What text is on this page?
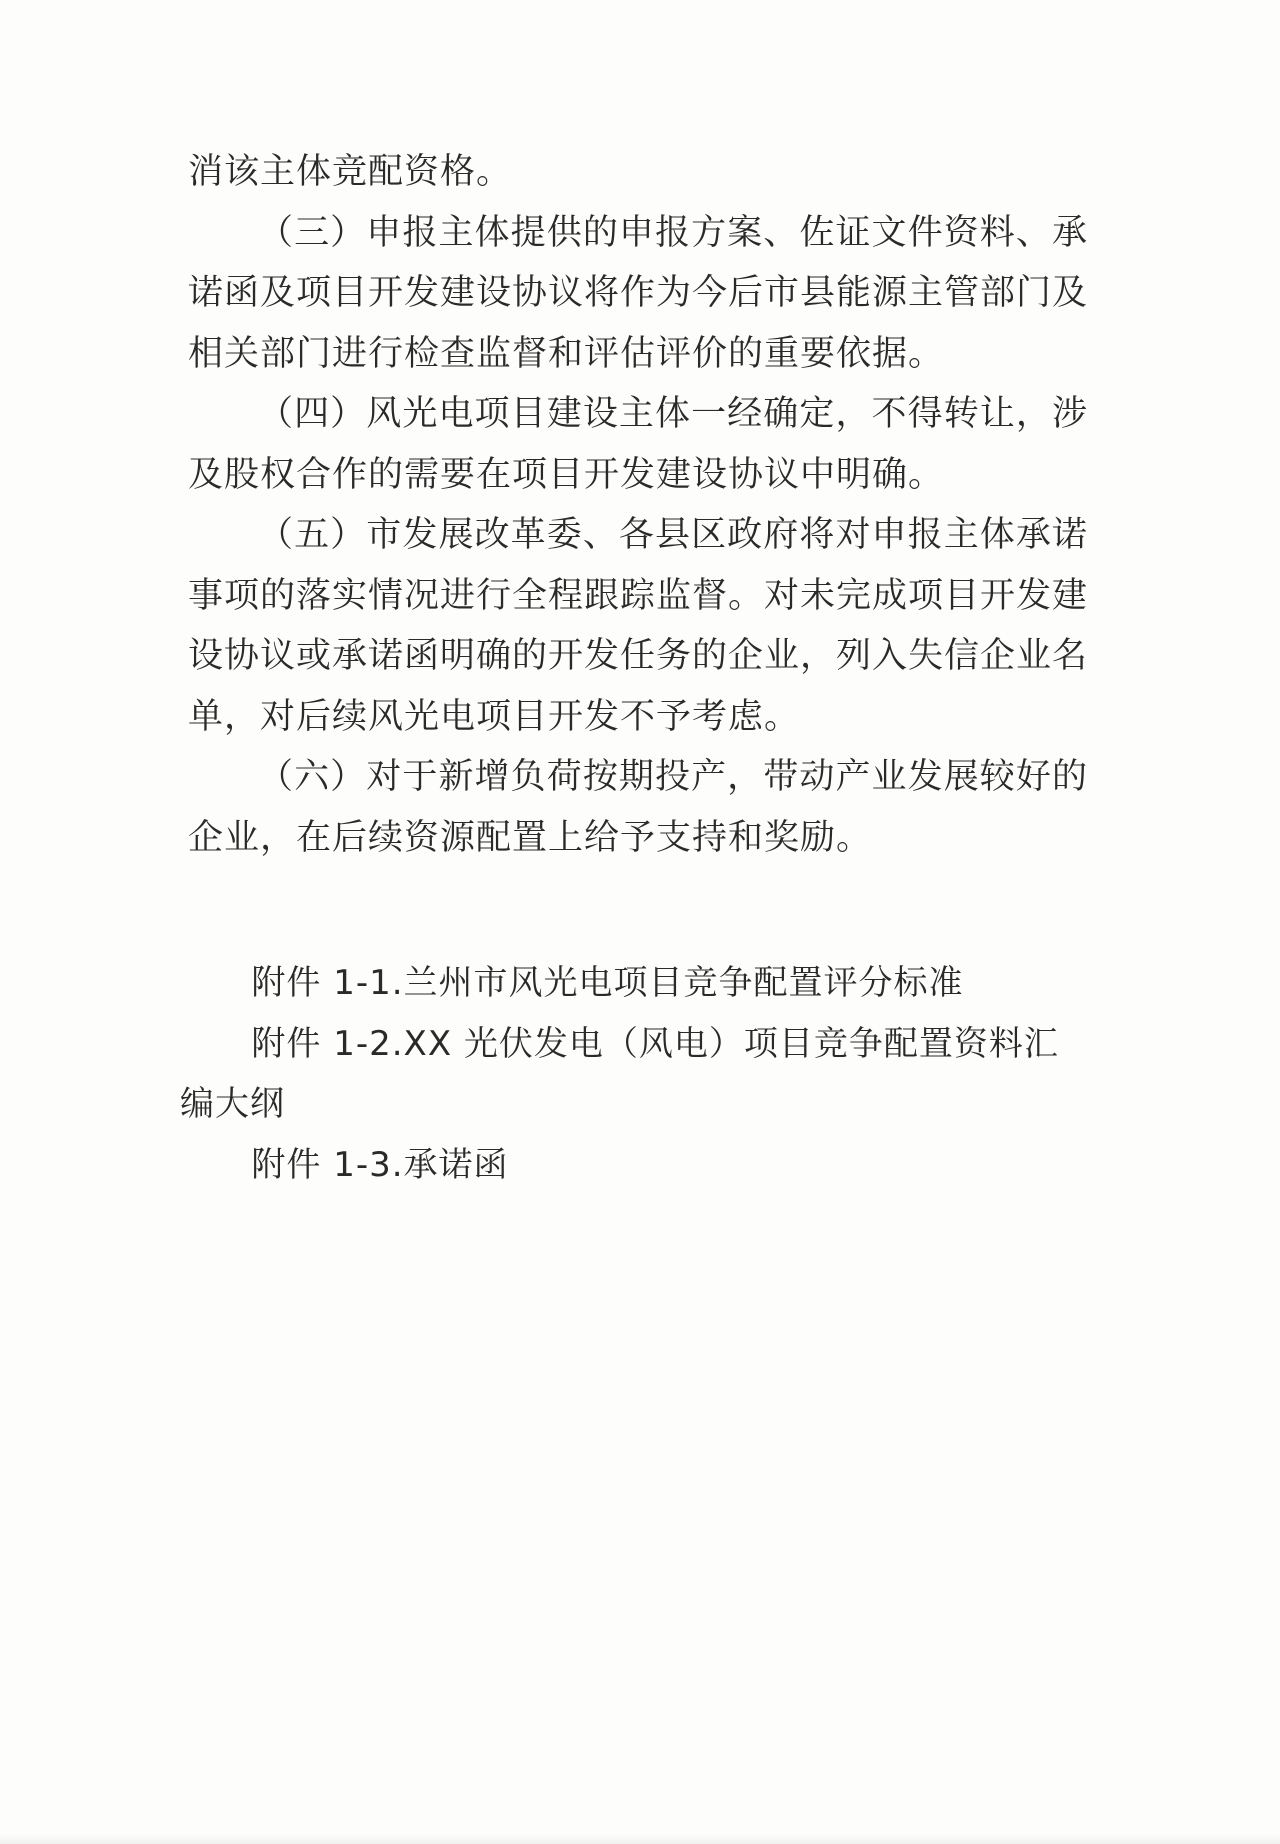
消该主体竞配资格。

（三）申报主体提供的申报方案、佐证文件资料、承诺函及项目开发建设协议将作为今后市县能源主管部门及相关部门进行检查监督和评估评价的重要依据。

（四）风光电项目建设主体一经确定，不得转让，涉及股权合作的需要在项目开发建设协议中明确。

（五）市发展改革委、各县区政府将对申报主体承诺事项的落实情况进行全程跟踪监督。对未完成项目开发建设协议或承诺函明确的开发任务的企业，列入失信企业名单，对后续风光电项目开发不予考虑。

（六）对于新增负荷按期投产，带动产业发展较好的企业，在后续资源配置上给予支持和奖励。

附件 1-1.兰州市风光电项目竞争配置评分标准

附件 1-2.XX 光伏发电（风电）项目竞争配置资料汇编大纲

附件 1-3.承诺函
